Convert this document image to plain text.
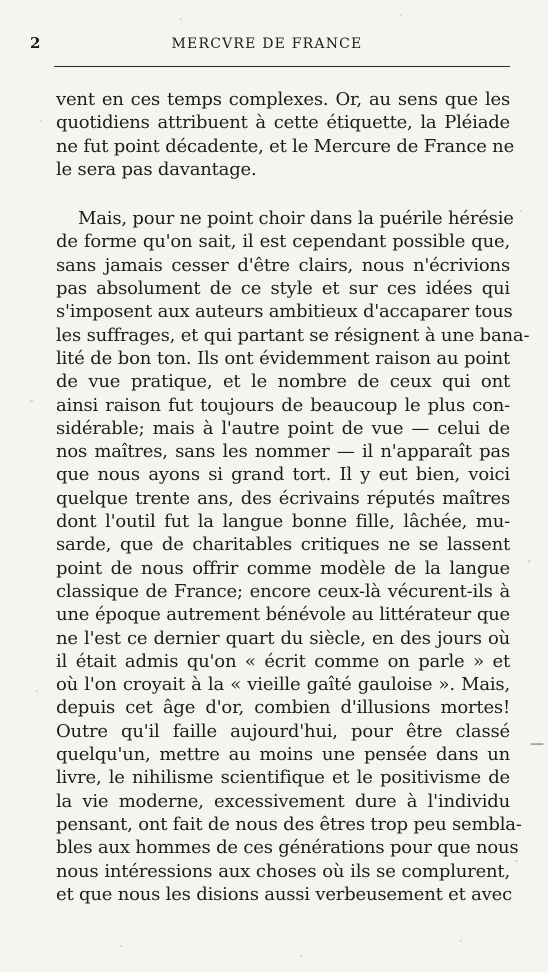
2	MERCVRE DE FRANCE
vent en ces temps complexes. Or, au sens que les
quotidiens attribuent à cette étiquette, la Pléiade
ne fut point décadente, et le Mercure de France ne
le sera pas davantage.
Mais, pour ne point choir dans la puérile hérésie
de forme qu'on sait, il est cependant possible que,
sans jamais cesser d'être clairs, nous n'écrivions
pas absolument de ce style et sur ces idées qui
s'imposent aux auteurs ambitieux d'accaparer tous
les suffrages, et qui partant se résignent à une bana-
lité de bon ton. Ils ont évidemment raison au point
de vue pratique, et le nombre de ceux qui ont
ainsi raison fut toujours de beaucoup le plus con-
sidérable; mais à l'autre point de vue — celui de
nos maîtres, sans les nommer — il n'apparaît pas
que nous ayons si grand tort. Il y eut bien, voici
quelque trente ans, des écrivains réputés maîtres
dont l'outil fut la langue bonne fille, lâchée, mu-
sarde, que de charitables critiques ne se lassent
point de nous offrir comme modèle de la langue
classique de France; encore ceux-là vécurent-ils à
une époque autrement bénévole au littérateur que
ne l'est ce dernier quart du siècle, en des jours où
il était admis qu'on « écrit comme on parle » et
où l'on croyait à la « vieille gaîté gauloise ». Mais,
depuis cet âge d'or, combien d'illusions mortes!
Outre qu'il faille aujourd'hui, pour être classé
quelqu'un, mettre au moins une pensée dans un
livre, le nihilisme scientifique et le positivisme de
la vie moderne, excessivement dure à l'individu
pensant, ont fait de nous des êtres trop peu sembla-
bles aux hommes de ces générations pour que nous
nous intéressions aux choses où ils se complurent,
et que nous les disions aussi verbeusement et avec
—
